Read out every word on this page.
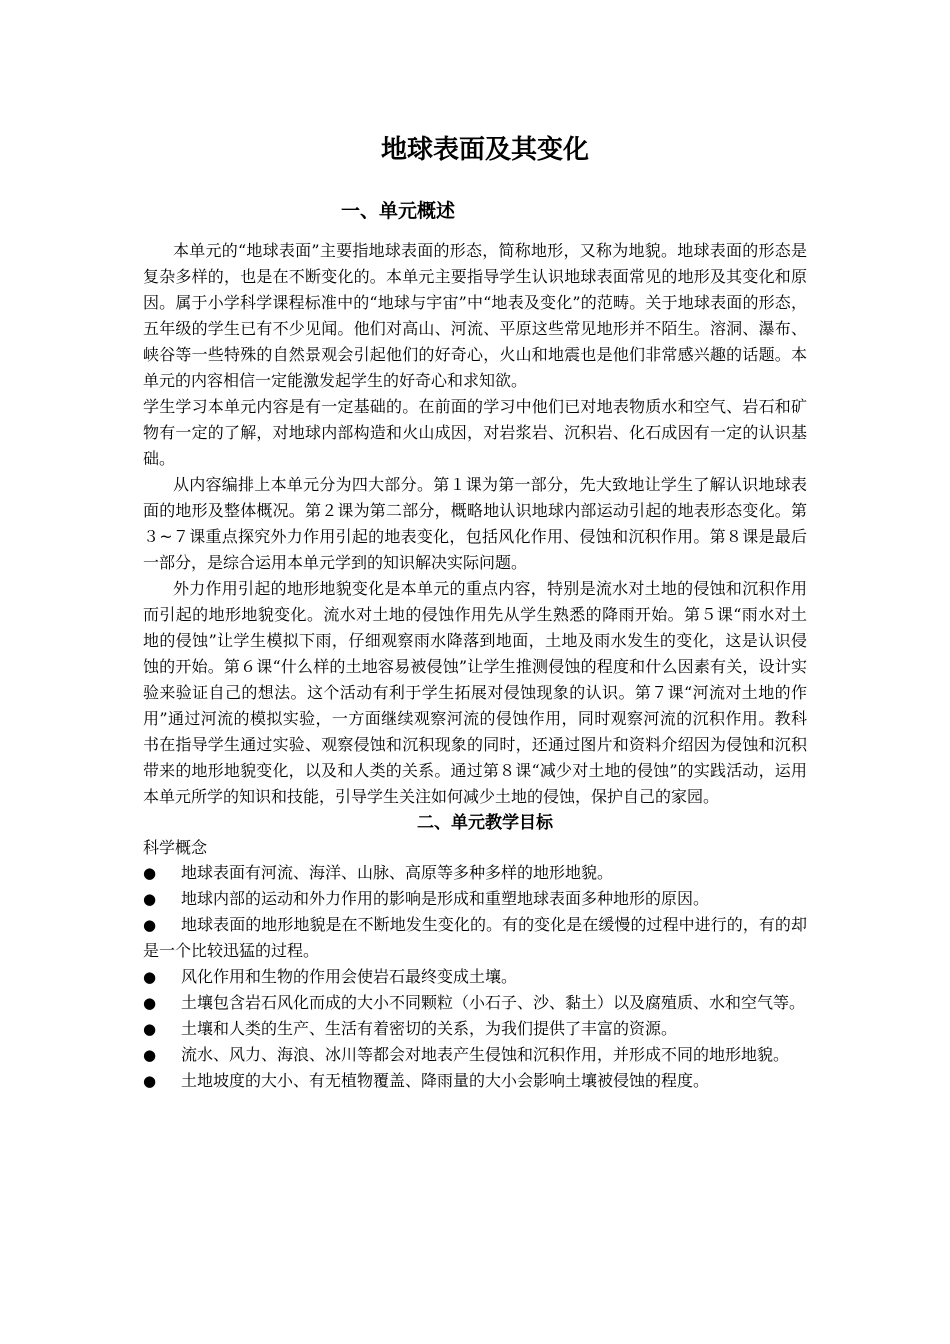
地球表面及其变化
一、单元概述

本单元的“地球表面”主要指地球表面的形态，简称地形，又称为地貌。地球表面的形态是复杂多样的，也是在不断变化的。本单元主要指导学生认识地球表面常见的地形及其变化和原因。属于小学科学课程标准中的“地球与宇宙”中“地表及变化”的范畴。关于地球表面的形态，五年级的学生已有不少见闻。他们对高山、河流、平原这些常见地形并不陌生。溶洞、瀑布、峡谷等一些特殊的自然景观会引起他们的好奇心，火山和地震也是他们非常感兴趣的话题。本单元的内容相信一定能激发起学生的好奇心和求知欲。

学生学习本单元内容是有一定基础的。在前面的学习中他们已对地表物质水和空气、岩石和矿物有一定的了解，对地球内部构造和火山成因，对岩浆岩、沉积岩、化石成因有一定的认识基础。

从内容编排上本单元分为四大部分。第１课为第一部分，先大致地让学生了解认识地球表面的地形及整体概况。第２课为第二部分，概略地认识地球内部运动引起的地表形态变化。第３~７课重点探究外力作用引起的地表变化，包括风化作用、侵蚀和沉积作用。第８课是最后一部分，是综合运用本单元学到的知识解决实际问题。

外力作用引起的地形地貌变化是本单元的重点内容，特别是流水对土地的侵蚀和沉积作用而引起的地形地貌变化。流水对土地的侵蚀作用先从学生熟悉的降雨开始。第５课“雨水对土地的侵蚀”让学生模拟下雨，仔细观察雨水降落到地面，土地及雨水发生的变化，这是认识侵蚀的开始。第６课“什么样的土地容易被侵蚀”让学生推测侵蚀的程度和什么因素有关，设计实验来验证自己的想法。这个活动有利于学生拓展对侵蚀现象的认识。第７课“河流对土地的作用”通过河流的模拟实验，一方面继续观察河流的侵蚀作用，同时观察河流的沉积作用。教科书在指导学生通过实验、观察侵蚀和沉积现象的同时，还通过图片和资料介绍因为侵蚀和沉积带来的地形地貌变化，以及和人类的关系。通过第８课“减少对土地的侵蚀”的实践活动，运用本单元所学的知识和技能，引导学生关注如何减少土地的侵蚀，保护自己的家园。

二、单元教学目标

科学概念

● 地球表面有河流、海洋、山脉、高原等多种多样的地形地貌。
● 地球内部的运动和外力作用的影响是形成和重塑地球表面多种地形的原因。
● 地球表面的地形地貌是在不断地发生变化的。有的变化是在缓慢的过程中进行的，有的却是一个比较迅猛的过程。
● 风化作用和生物的作用会使岩石最终变成土壤。
● 土壤包含岩石风化而成的大小不同颗粒（小石子、沙、黏土）以及腐殖质、水和空气等。
● 土壤和人类的生产、生活有着密切的关系，为我们提供了丰富的资源。
● 流水、风力、海浪、冰川等都会对地表产生侵蚀和沉积作用，并形成不同的地形地貌。
● 土地坡度的大小、有无植物覆盖、降雨量的大小会影响土壤被侵蚀的程度。
